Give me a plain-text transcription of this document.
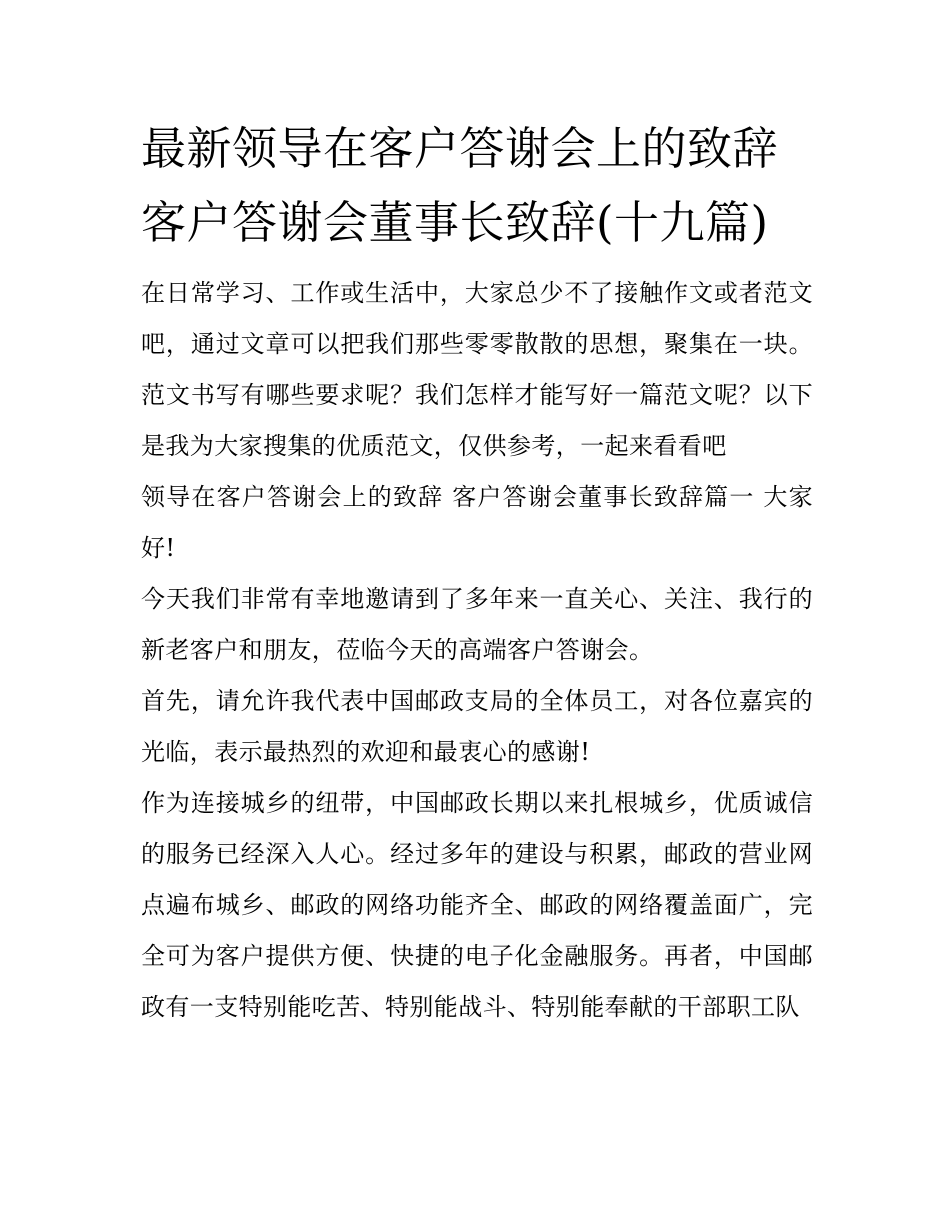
最新领导在客户答谢会上的致辞 客户答谢会董事长致辞(十九篇)

在日常学习、工作或生活中，大家总少不了接触作文或者范文吧，通过文章可以把我们那些零零散散的思想，聚集在一块。范文书写有哪些要求呢？我们怎样才能写好一篇范文呢？以下是我为大家搜集的优质范文，仅供参考，一起来看看吧

领导在客户答谢会上的致辞 客户答谢会董事长致辞篇一 大家好!

今天我们非常有幸地邀请到了多年来一直关心、关注、我行的新老客户和朋友，莅临今天的高端客户答谢会。

首先，请允许我代表中国邮政支局的全体员工，对各位嘉宾的光临，表示最热烈的欢迎和最衷心的感谢!

作为连接城乡的纽带，中国邮政长期以来扎根城乡，优质诚信的服务已经深入人心。经过多年的建设与积累，邮政的营业网点遍布城乡、邮政的网络功能齐全、邮政的网络覆盖面广，完全可为客户提供方便、快捷的电子化金融服务。再者，中国邮政有一支特别能吃苦、特别能战斗、特别能奉献的干部职工队
